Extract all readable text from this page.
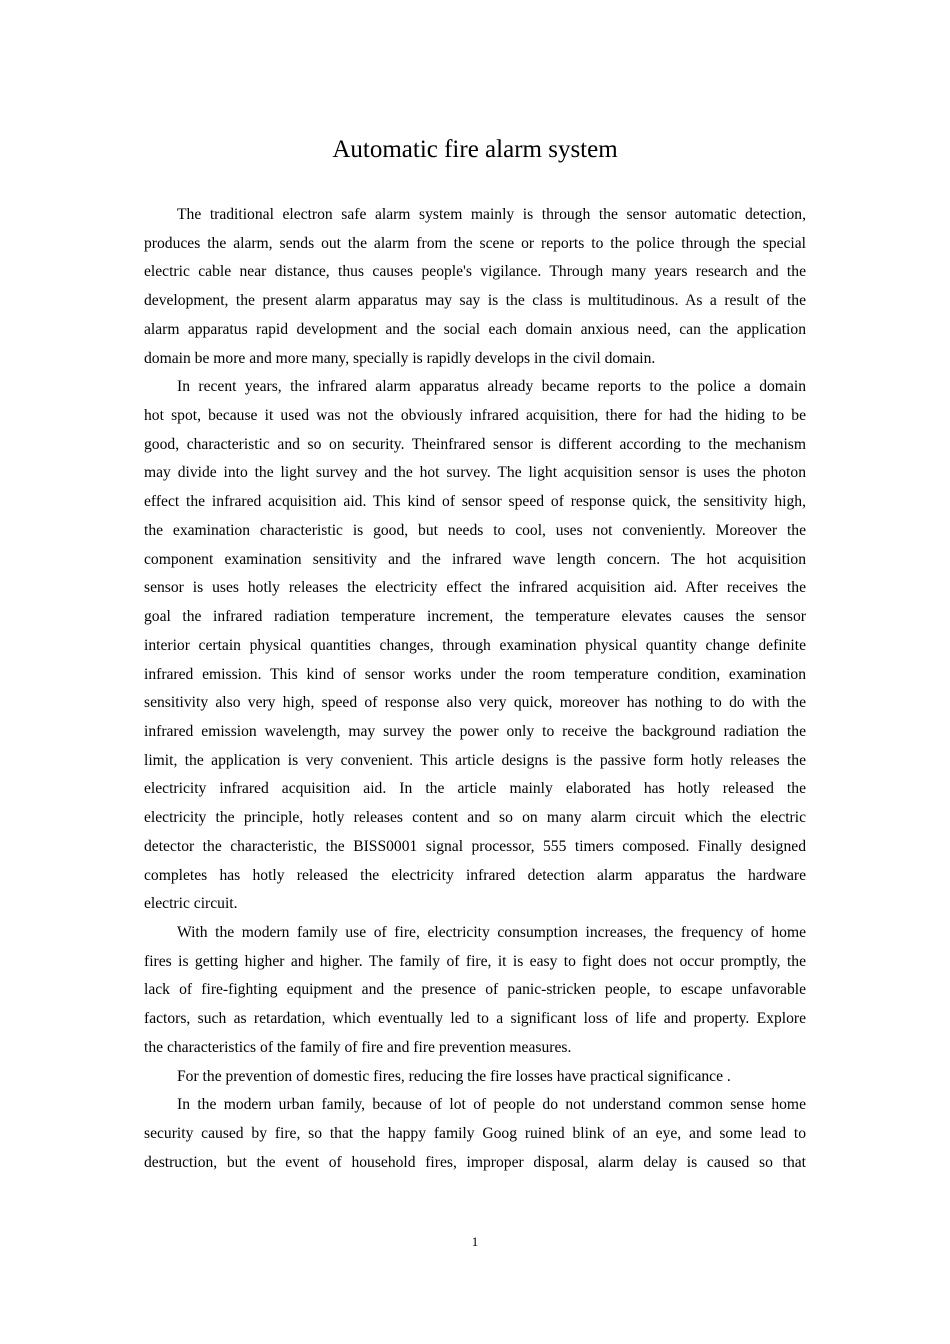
Automatic fire alarm system
The traditional electron safe alarm system mainly is through the sensor automatic detection,
produces the alarm, sends out the alarm from the scene or reports to the police through the special
electric cable near distance, thus causes people's vigilance. Through many years research and the
development, the present alarm apparatus may say is the class is multitudinous. As a result of the
alarm apparatus rapid development and the social each domain anxious need, can the application
domain be more and more many, specially is rapidly develops in the civil domain.
In recent years, the infrared alarm apparatus already became reports to the police a domain
hot spot, because it used was not the obviously infrared acquisition, there for had the hiding to be
good, characteristic and so on security. Theinfrared sensor is different according to the mechanism
may divide into the light survey and the hot survey. The light acquisition sensor is uses the photon
effect the infrared acquisition aid. This kind of sensor speed of response quick, the sensitivity high,
the examination characteristic is good, but needs to cool, uses not conveniently. Moreover the
component examination sensitivity and the infrared wave length concern. The hot acquisition
sensor is uses hotly releases the electricity effect the infrared acquisition aid. After receives the
goal the infrared radiation temperature increment, the temperature elevates causes the sensor
interior certain physical quantities changes, through examination physical quantity change definite
infrared emission. This kind of sensor works under the room temperature condition, examination
sensitivity also very high, speed of response also very quick, moreover has nothing to do with the
infrared emission wavelength, may survey the power only to receive the background radiation the
limit, the application is very convenient. This article designs is the passive form hotly releases the
electricity infrared acquisition aid. In the article mainly elaborated has hotly released the
electricity the principle, hotly releases content and so on many alarm circuit which the electric
detector the characteristic, the BISS0001 signal processor, 555 timers composed. Finally designed
completes has hotly released the electricity infrared detection alarm apparatus the hardware
electric circuit.
With the modern family use of fire, electricity consumption increases, the frequency of home
fires is getting higher and higher. The family of fire, it is easy to fight does not occur promptly, the
lack of fire-fighting equipment and the presence of panic-stricken people, to escape unfavorable
factors, such as retardation, which eventually led to a significant loss of life and property. Explore
the characteristics of the family of fire and fire prevention measures.
For the prevention of domestic fires, reducing the fire losses have practical significance .
In the modern urban family, because of lot of people do not understand common sense home
security caused by fire, so that the happy family Goog ruined blink of an eye, and some lead to
destruction, but the event of household fires, improper disposal, alarm delay is caused so that
1
